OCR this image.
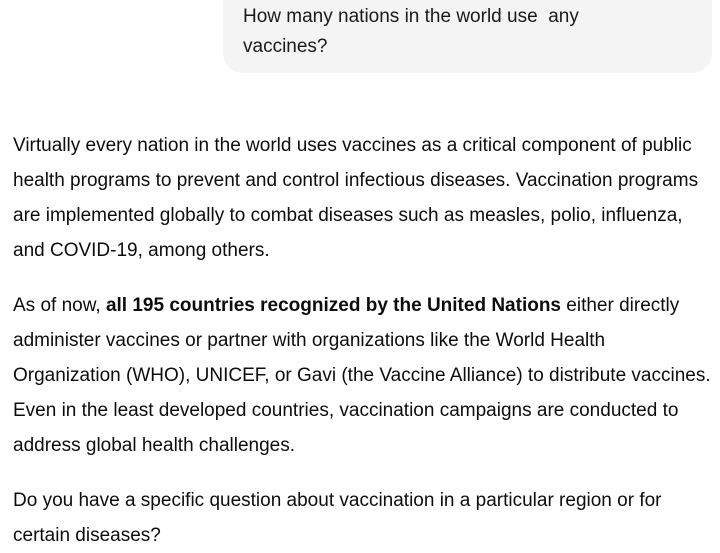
How many nations in the world use  any
vaccines?

Virtually every nation in the world uses vaccines as a critical component of public health programs to prevent and control infectious diseases. Vaccination programs are implemented globally to combat diseases such as measles, polio, influenza, and COVID-19, among others.

As of now, all 195 countries recognized by the United Nations either directly administer vaccines or partner with organizations like the World Health Organization (WHO), UNICEF, or Gavi (the Vaccine Alliance) to distribute vaccines. Even in the least developed countries, vaccination campaigns are conducted to address global health challenges.

Do you have a specific question about vaccination in a particular region or for certain diseases?
